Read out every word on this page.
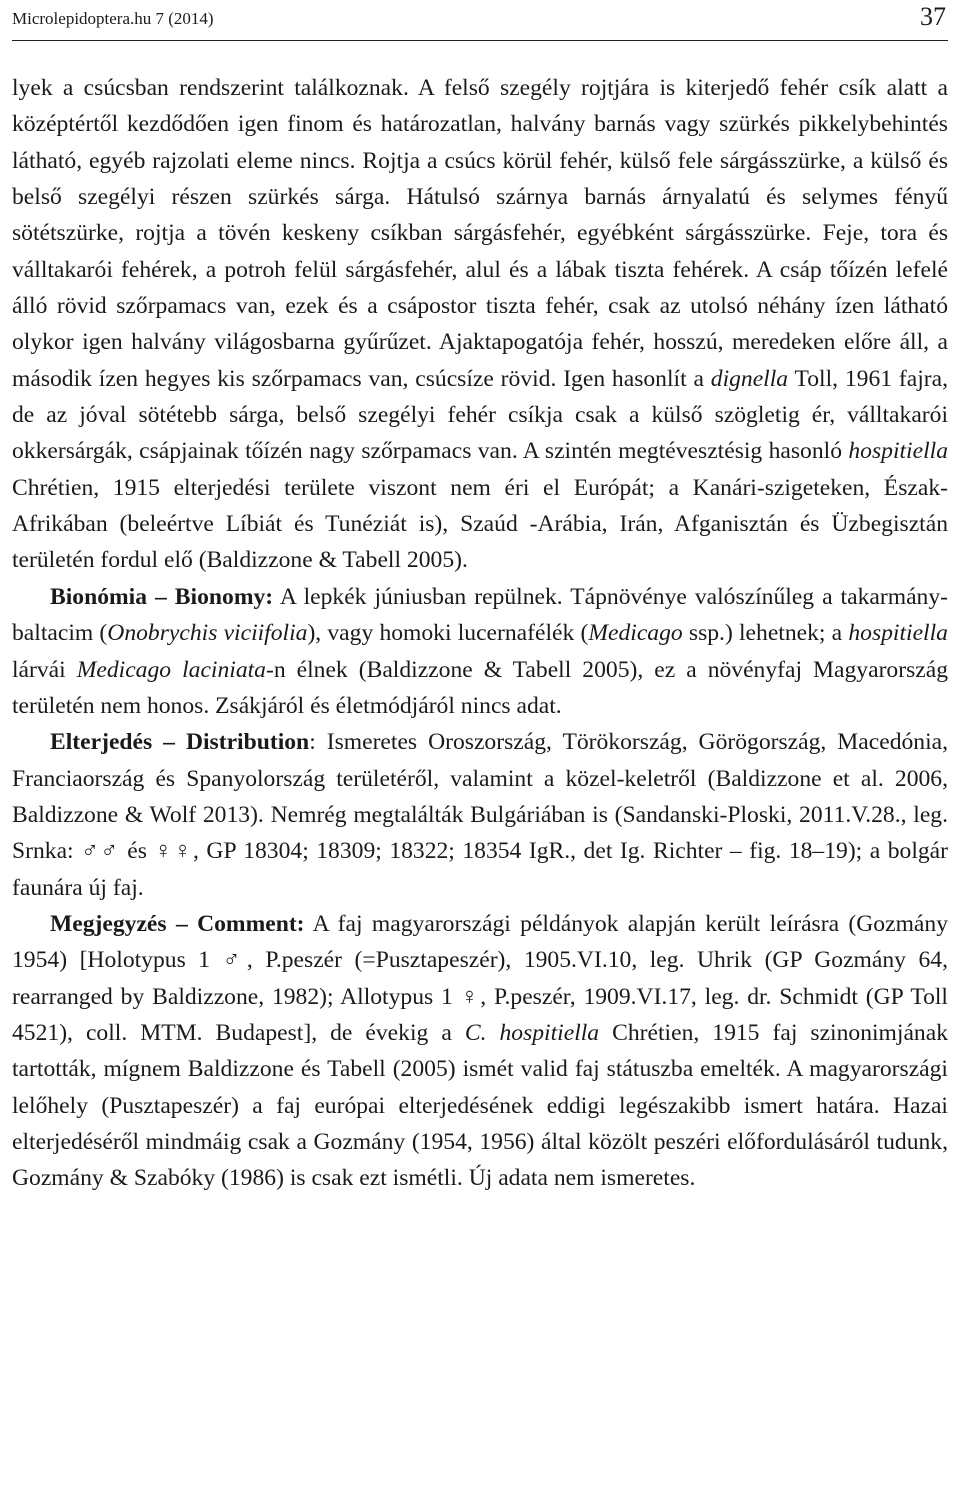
Microlepidoptera.hu 7 (2014)	37

lyek a csúcsban rendszerint találkoznak. A felső szegély rojtjára is kiterjedő fehér csík alatt a középtértől kezdődően igen finom és határozatlan, halvány barnás vagy szürkés pikkelybehintés látható, egyéb rajzolati eleme nincs. Rojtja a csúcs körül fehér, külső fele sárgásszürke, a külső és belső szegélyi részen szürkés sárga. Hátulsó szárnya barnás árnyalatú és selymes fényű sötétszürke, rojtja a tövén keskeny csíkban sárgásfehér, egyébként sárgásszürke. Feje, tora és válltakarói fehérek, a potroh felül sárgásfehér, alul és a lábak tiszta fehérek. A csáp tőízén lefelé álló rövid szőrpamacs van, ezek és a csápostor tiszta fehér, csak az utolsó néhány ízen látható olykor igen halvány világosbarna gyűrűzet. Ajaktapogatója fehér, hosszú, meredeken előre áll, a második ízen hegyes kis szőrpamacs van, csúcsíze rövid. Igen hasonlít a dignella Toll, 1961 fajra, de az jóval sötétebb sárga, belső szegélyi fehér csíkja csak a külső szögletig ér, válltakarói okkersárgák, csápjainak tőízén nagy szőrpamacs van. A szintén megtévesztésig hasonló hospitiella Chrétien, 1915 elterjedési területe viszont nem éri el Európát; a Kanári-szigeteken, Észak-Afrikában (beleértve Líbiát és Tunéziát is), Szaúd -Arábia, Irán, Afganisztán és Üzbegisztán területén fordul elő (Baldizzone & Tabell 2005).

Bionómia – Bionomy: A lepkék júniusban repülnek. Tápnövénye valószínűleg a takarmány-baltacim (Onobrychis viciifolia), vagy homoki lucernafélék (Medicago ssp.) lehetnek; a hospitiella lárvái Medicago laciniata-n élnek (Baldizzone & Tabell 2005), ez a növényfaj Magyarország területén nem honos. Zsákjáról és életmódjáról nincs adat.

Elterjedés – Distribution: Ismeretes Oroszország, Törökország, Görögország, Macedónia, Franciaország és Spanyolország területéről, valamint a közel-keletről (Baldizzone et al. 2006, Baldizzone & Wolf 2013). Nemrég megtalálták Bulgáriában is (Sandanski-Ploski, 2011.V.28., leg. Srnka: ♂♂ és ♀♀, GP 18304; 18309; 18322; 18354 IgR., det Ig. Richter – fig. 18–19); a bolgár faunára új faj.

Megjegyzés – Comment: A faj magyarországi példányok alapján került leírásra (Gozmány 1954) [Holotypus 1 ♂, P.peszér (=Pusztapeszér), 1905.VI.10, leg. Uhrik (GP Gozmány 64, rearranged by Baldizzone, 1982); Allotypus 1 ♀, P.peszér, 1909.VI.17, leg. dr. Schmidt (GP Toll 4521), coll. MTM. Budapest], de évekig a C. hospitiella Chrétien, 1915 faj szinonimjának tartották, mígnem Baldizzone és Tabell (2005) ismét valid faj státuszba emelték. A magyarországi lelőhely (Pusztapeszér) a faj európai elterjedésének eddigi legészakibb ismert határa. Hazai elterjedéséről mindmáig csak a Gozmány (1954, 1956) által közölt peszéri előfordulásáról tudunk, Gozmány & Szabóky (1986) is csak ezt ismétli. Új adata nem ismeretes.
